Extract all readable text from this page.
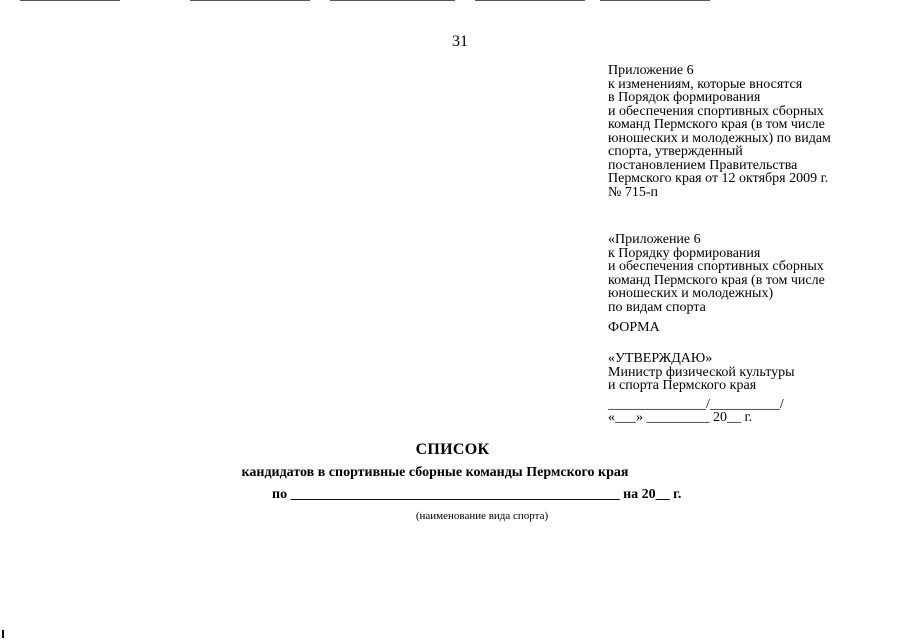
31
Приложение 6
к изменениям, которые вносятся
в Порядок формирования
и обеспечения спортивных сборных
команд Пермского края (в том числе
юношеских и молодежных) по видам
спорта, утвержденный
постановлением Правительства
Пермского края от 12 октября 2009 г.
№ 715-п
«Приложение 6
к Порядку формирования
и обеспечения спортивных сборных
команд Пермского края (в том числе
юношеских и молодежных)
по видам спорта
ФОРМА
«УТВЕРЖДАЮ»
Министр физической культуры
и спорта Пермского края
______________/__________/
«___» _________ 20__ г.
СПИСОК
кандидатов в спортивные сборные команды Пермского края
по _______________________________________________ на 20__ г.
(наименование вида спорта)
